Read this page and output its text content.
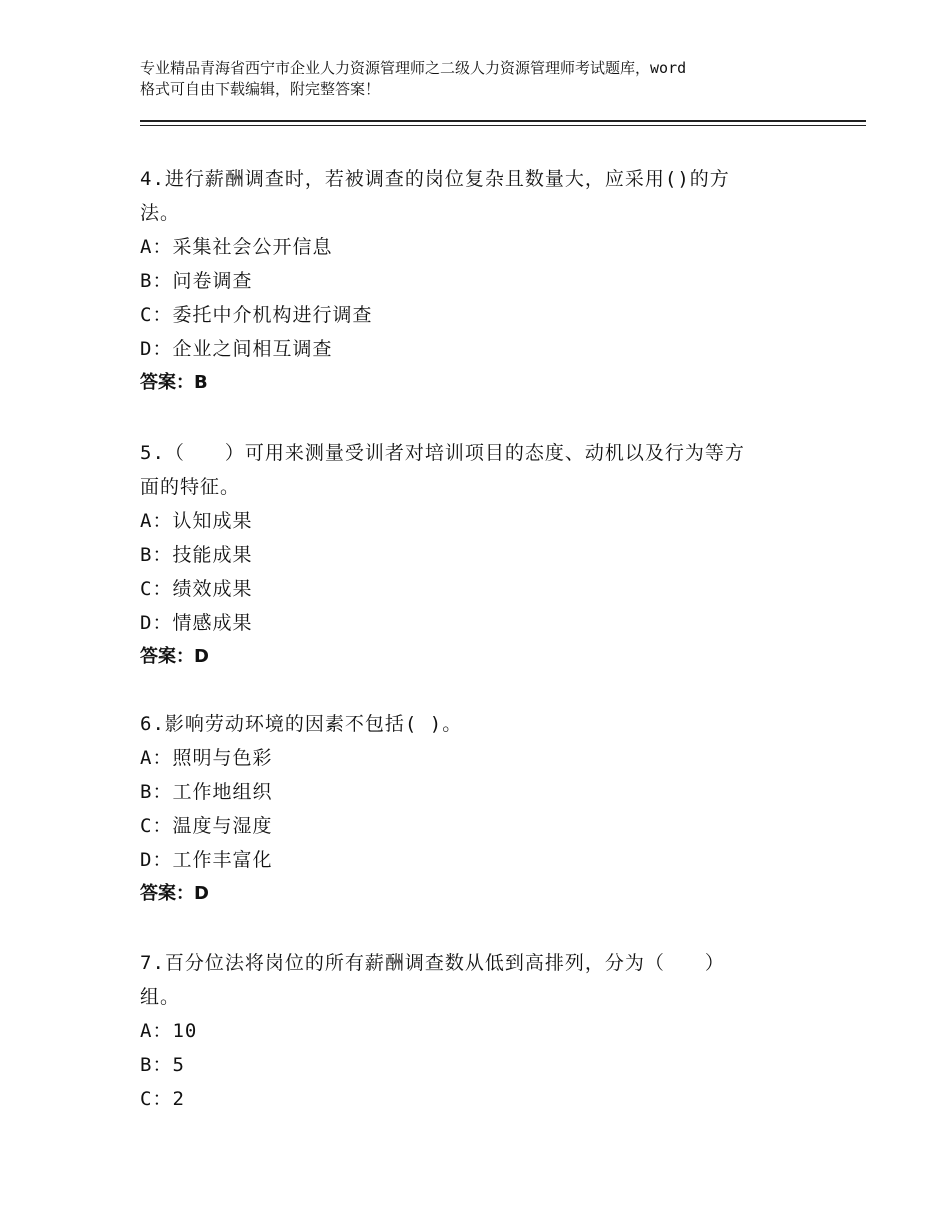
专业精品青海省西宁市企业人力资源管理师之二级人力资源管理师考试题库，word
格式可自由下载编辑，附完整答案！
4.进行薪酬调查时，若被调查的岗位复杂且数量大，应采用()的方
法。
A：采集社会公开信息
B：问卷调查
C：委托中介机构进行调查
D：企业之间相互调查
答案：B
5.（　　）可用来测量受训者对培训项目的态度、动机以及行为等方
面的特征。
A：认知成果
B：技能成果
C：绩效成果
D：情感成果
答案：D
6.影响劳动环境的因素不包括( )。
A：照明与色彩
B：工作地组织
C：温度与湿度
D：工作丰富化
答案：D
7.百分位法将岗位的所有薪酬调查数从低到高排列，分为（　　）
组。
A：10
B：5
C：2
